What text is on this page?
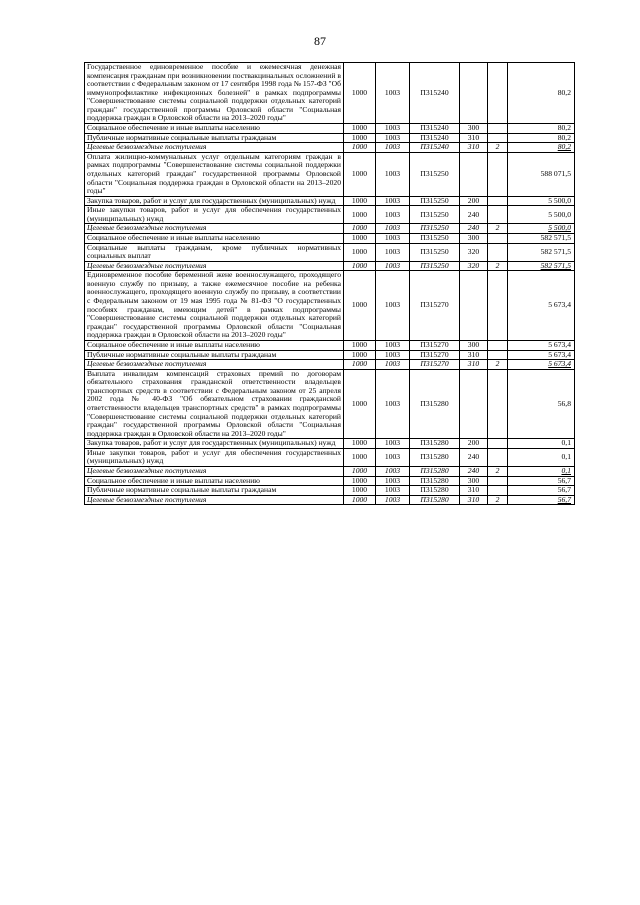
87
Государственное единовременное пособие и ежемесячная денежная компенсация гражданам при возникновении поствакцинальных осложнений в соответствии с Федеральным законом от 17 сентября 1998 года № 157-ФЗ "Об иммунопрофилактике инфекционных болезней" в рамках подпрограммы "Совершенствование системы социальной поддержки отдельных категорий граждан" государственной программы Орловской области "Социальная поддержка граждан в Орловской области на 2013–2020 годы"	1000	1003	П315240			80,2
Социальное обеспечение и иные выплаты населению	1000	1003	П315240	300		80,2
Публичные нормативные социальные выплаты гражданам	1000	1003	П315240	310		80,2
Целевые безвозмездные поступления	1000	1003	П315240	310	2	80,2
Оплата жилищно-коммунальных услуг отдельным категориям граждан в рамках подпрограммы "Совершенствование системы социальной поддержки отдельных категорий граждан" государственной программы Орловской области "Социальная поддержка граждан в Орловской области на 2013–2020 годы"	1000	1003	П315250			588 071,5
Закупка товаров, работ и услуг для государственных (муниципальных) нужд	1000	1003	П315250	200		5 500,0
Иные закупки товаров, работ и услуг для обеспечения государственных (муниципальных) нужд	1000	1003	П315250	240		5 500,0
Целевые безвозмездные поступления	1000	1003	П315250	240	2	5 500,0
Социальное обеспечение и иные выплаты населению	1000	1003	П315250	300		582 571,5
Социальные выплаты гражданам, кроме публичных нормативных социальных выплат	1000	1003	П315250	320		582 571,5
Целевые безвозмездные поступления	1000	1003	П315250	320	2	582 571,5
Единовременное пособие беременной жене военнослужащего, проходящего военную службу по призыву, а также ежемесячное пособие на ребенка военнослужащего, проходящего военную службу по призыву, в соответствии с Федеральным законом от 19 мая 1995 года № 81-ФЗ "О государственных пособиях гражданам, имеющим детей" в рамках подпрограммы "Совершенствование системы социальной поддержки отдельных категорий граждан" государственной программы Орловской области "Социальная поддержка граждан в Орловской области на 2013–2020 годы"	1000	1003	П315270			5 673,4
Социальное обеспечение и иные выплаты населению	1000	1003	П315270	300		5 673,4
Публичные нормативные социальные выплаты гражданам	1000	1003	П315270	310		5 673,4
Целевые безвозмездные поступления	1000	1003	П315270	310	2	5 673,4
Выплата инвалидам компенсаций страховых премий по договорам обязательного страхования гражданской ответственности владельцев транспортных средств в соответствии с Федеральным законом от 25 апреля 2002 года № 40-ФЗ "Об обязательном страховании гражданской ответственности владельцев транспортных средств" в рамках подпрограммы "Совершенствование системы социальной поддержки отдельных категорий граждан" государственной программы Орловской области "Социальная поддержка граждан в Орловской области на 2013–2020 годы"	1000	1003	П315280			56,8
Закупка товаров, работ и услуг для государственных (муниципальных) нужд	1000	1003	П315280	200		0,1
Иные закупки товаров, работ и услуг для обеспечения государственных (муниципальных) нужд	1000	1003	П315280	240		0,1
Целевые безвозмездные поступления	1000	1003	П315280	240	2	0,1
Социальное обеспечение и иные выплаты населению	1000	1003	П315280	300		56,7
Публичные нормативные социальные выплаты гражданам	1000	1003	П315280	310		56,7
Целевые безвозмездные поступления	1000	1003	П315280	310	2	56,7
